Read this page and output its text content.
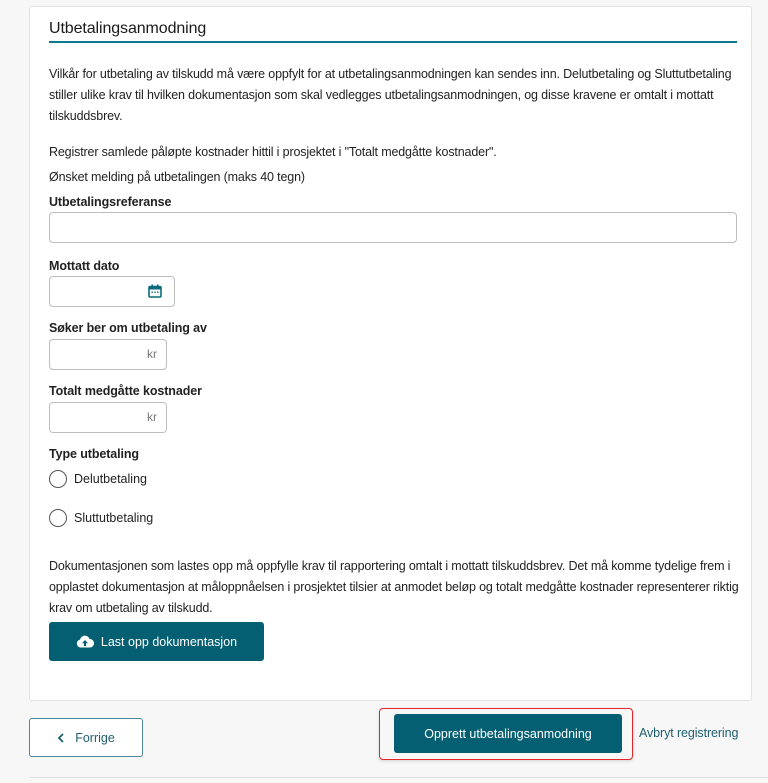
Utbetalingsanmodning

Vilkår for utbetaling av tilskudd må være oppfylt for at utbetalingsanmodningen kan sendes inn. Delutbetaling og Sluttutbetaling stiller ulike krav til hvilken dokumentasjon som skal vedlegges utbetalingsanmodningen, og disse kravene er omtalt i mottatt tilskuddsbrev.

Registrer samlede påløpte kostnader hittil i prosjektet i "Totalt medgåtte kostnader".

Ønsket melding på utbetalingen (maks 40 tegn)

Utbetalingsreferanse
Mottatt dato
Søker ber om utbetaling av
kr
Totalt medgåtte kostnader
kr
Type utbetaling
Delutbetaling
Sluttutbetaling

Dokumentasjonen som lastes opp må oppfylle krav til rapportering omtalt i mottatt tilskuddsbrev. Det må komme tydelige frem i opplastet dokumentasjon at måloppnåelsen i prosjektet tilsier at anmodet beløp og totalt medgåtte kostnader representerer riktig krav om utbetaling av tilskudd.

Last opp dokumentasjon
Forrige	Opprett utbetalingsanmodning	Avbryt registrering
